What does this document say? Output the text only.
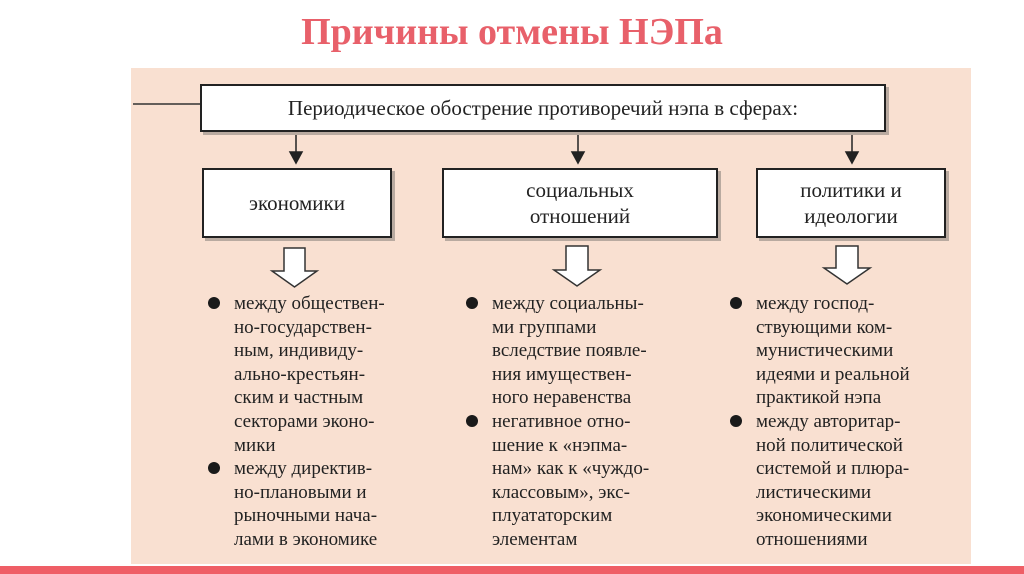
Причины отмены НЭПа
Периодическое обострение противоречий нэпа в сферах:
экономики
социальных
отношений
политики и
идеологии
между обществен-
но-государствен-
ным, индивиду-
ально-крестьян-
ским и частным
секторами эконо-
мики
между директив-
но-плановыми и
рыночными нача-
лами в экономике
между социальны-
ми группами
вследствие появле-
ния имуществен-
ного неравенства
негативное отно-
шение к «нэпма-
нам» как к «чуждо-
классовым», экс-
плуататорским
элементам
между господ-
ствующими ком-
мунистическими
идеями и реальной
практикой нэпа
между авторитар-
ной политической
системой и плюра-
листическими
экономическими
отношениями
